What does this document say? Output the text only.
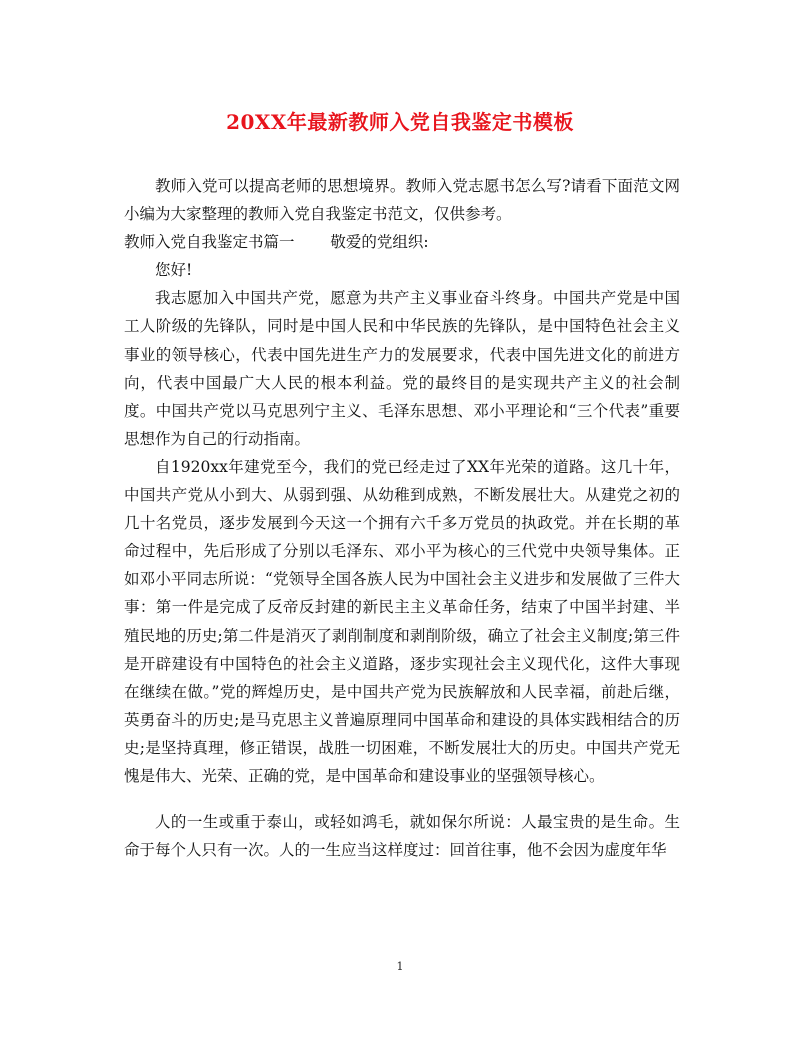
20XX年最新教师入党自我鉴定书模板

教师入党可以提高老师的思想境界。教师入党志愿书怎么写?请看下面范文网小编为大家整理的教师入党自我鉴定书范文，仅供参考。

教师入党自我鉴定书篇一　　 敬爱的党组织:

您好!

我志愿加入中国共产党，愿意为共产主义事业奋斗终身。中国共产党是中国工人阶级的先锋队，同时是中国人民和中华民族的先锋队，是中国特色社会主义事业的领导核心，代表中国先进生产力的发展要求，代表中国先进文化的前进方向，代表中国最广大人民的根本利益。党的最终目的是实现共产主义的社会制度。中国共产党以马克思列宁主义、毛泽东思想、邓小平理论和“三个代表”重要思想作为自己的行动指南。

自1920xx年建党至今，我们的党已经走过了XX年光荣的道路。这几十年，中国共产党从小到大、从弱到强、从幼稚到成熟，不断发展壮大。从建党之初的几十名党员，逐步发展到今天这一个拥有六千多万党员的执政党。并在长期的革命过程中，先后形成了分别以毛泽东、邓小平为核心的三代党中央领导集体。正如邓小平同志所说：“党领导全国各族人民为中国社会主义进步和发展做了三件大事：第一件是完成了反帝反封建的新民主主义革命任务，结束了中国半封建、半殖民地的历史;第二件是消灭了剥削制度和剥削阶级，确立了社会主义制度;第三件是开辟建设有中国特色的社会主义道路，逐步实现社会主义现代化，这件大事现在继续在做。”党的辉煌历史，是中国共产党为民族解放和人民幸福，前赴后继，英勇奋斗的历史;是马克思主义普遍原理同中国革命和建设的具体实践相结合的历史;是坚持真理，修正错误，战胜一切困难，不断发展壮大的历史。中国共产党无愧是伟大、光荣、正确的党，是中国革命和建设事业的坚强领导核心。

人的一生或重于泰山，或轻如鸿毛，就如保尔所说：人最宝贵的是生命。生命于每个人只有一次。人的一生应当这样度过：回首往事，他不会因为虚度年华

1
